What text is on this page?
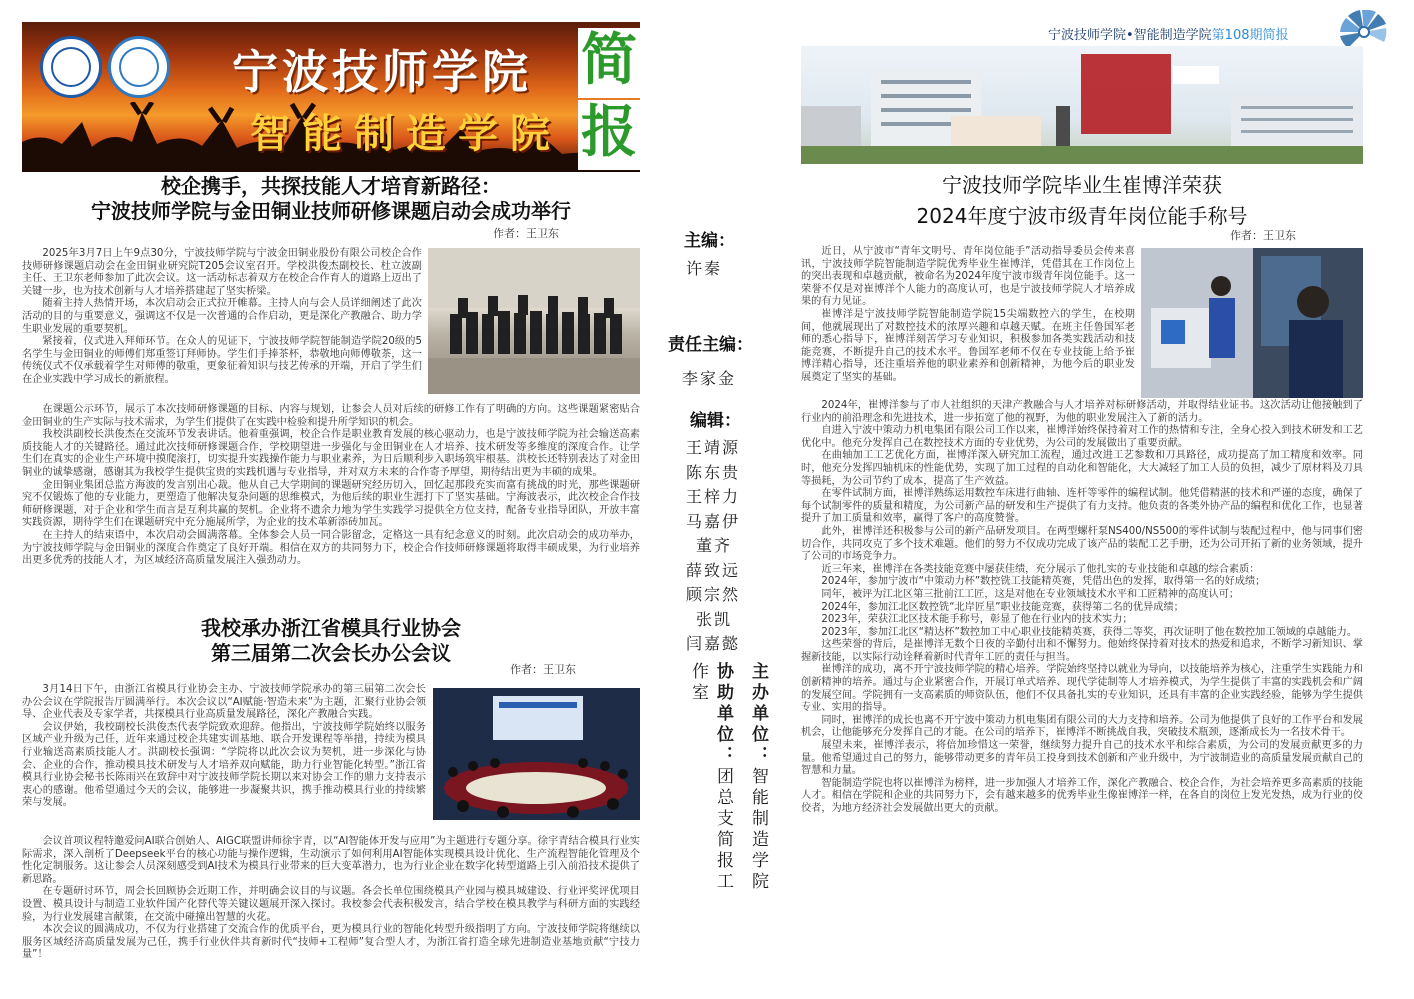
宁波技师学院
智能制造学院
简
报
校企携手，共探技能人才培育新路径：
宁波技师学院与金田铜业技师研修课题启动会成功举行
作者：王卫东

2025年3月7日上午9点30分，宁波技师学院与宁波金田铜业股份有限公司校企合作技师研修课题启动会在金田铜业研究院T205会议室召开。学校洪俊杰副校长、杜立波副主任、王卫东老师参加了此次会议。这一活动标志着双方在校企合作育人的道路上迈出了关键一步，也为技术创新与人才培养搭建起了坚实桥梁。

随着主持人热情开场，本次启动会正式拉开帷幕。主持人向与会人员详细阐述了此次活动的目的与重要意义，强调这不仅是一次普通的合作启动，更是深化产教融合、助力学生职业发展的重要契机。

紧接着，仪式进入拜师环节。在众人的见证下，宁波技师学院智能制造学院20级的5名学生与金田铜业的师傅们郑重签订拜师协。学生们手捧茶杯，恭敬地向师傅敬茶，这一传统仪式不仅承载着学生对师傅的敬重，更象征着知识与技艺传承的开端，开启了学生们在企业实践中学习成长的新旅程。

在课题公示环节，展示了本次技师研修课题的目标、内容与规划，让参会人员对后续的研修工作有了明确的方向。这些课题紧密贴合金田铜业的生产实际与技术需求，为学生们提供了在实践中检验和提升所学知识的机会。

我校洪副校长洪俊杰在交流环节发表讲话。他着重强调，校企合作是职业教育发展的核心驱动力，也是宁波技师学院为社会输送高素质技能人才的关键路径。通过此次技师研修课题合作，学校期望进一步强化与金田铜业在人才培养、技术研发等多维度的深度合作。让学生们在真实的企业生产环境中摸爬滚打，切实提升实践操作能力与职业素养，为日后顺利步入职场筑牢根基。洪校长还特别表达了对金田铜业的诚挚感谢，感谢其为我校学生提供宝贵的实践机遇与专业指导，并对双方未来的合作寄予厚望，期待结出更为丰硕的成果。

金田铜业集团总监方海波的发言别出心裁。他从自己大学期间的课题研究经历切入，回忆起那段充实而富有挑战的时光，那些课题研究不仅锻炼了他的专业能力，更塑造了他解决复杂问题的思维模式，为他后续的职业生涯打下了坚实基础。宁海波表示，此次校企合作技师研修课题，对于企业和学生而言是互利共赢的契机。企业将不遗余力地为学生实践学习提供全方位支持，配备专业指导团队，开放丰富实践资源，期待学生们在课题研究中充分施展所学，为企业的技术革新添砖加瓦。

在主持人的结束语中，本次启动会圆满落幕。全体参会人员一同合影留念，定格这一具有纪念意义的时刻。此次启动会的成功举办，为宁波技师学院与金田铜业的深度合作奠定了良好开端。相信在双方的共同努力下，校企合作技师研修课题将取得丰硕成果，为行业培养出更多优秀的技能人才，为区域经济高质量发展注入强劲动力。

我校承办浙江省模具行业协会
第三届第二次会长办公会议
作者：王卫东

3月14日下午，由浙江省模具行业协会主办、宁波技师学院承办的第三届第二次会长办公会议在学院报告厅圆满举行。本次会议以“AI赋能·智造未来”为主题，汇聚行业协会领导、企业代表及专家学者，共探模具行业高质量发展路径，深化产教融合实践。

会议伊始，我校副校长洪俊杰代表学院致欢迎辞。他指出，宁波技师学院始终以服务区域产业升级为己任，近年来通过校企共建实训基地、联合开发课程等举措，持续为模具行业输送高素质技能人才。洪副校长强调：“学院将以此次会议为契机，进一步深化与协会、企业的合作，推动模具技术研发与人才培养双向赋能，助力行业智能化转型。”浙江省模具行业协会秘书长陈雨兴在致辞中对宁波技师学院长期以来对协会工作的鼎力支持表示衷心的感谢。他希望通过今天的会议，能够进一步凝聚共识，携手推动模具行业的持续繁荣与发展。

会议首项议程特邀爱问AI联合创始人、AIGC联盟讲师徐宇青，以“AI智能体开发与应用”为主题进行专题分享。徐宇青结合模具行业实际需求，深入剖析了Deepseek平台的核心功能与操作逻辑，生动演示了如何利用AI智能体实现模具设计优化、生产流程智能化管理及个性化定制服务。这让参会人员深刻感受到AI技术为模具行业带来的巨大变革潜力，也为行业企业在数字化转型道路上引入前沿技术提供了新思路。

在专题研讨环节，周会长回顾协会近期工作，并明确会议目的与议题。各会长单位围绕模具产业园与模具城建设、行业评奖评优项目设置、模具设计与制造工业软件国产化替代等关键议题展开深入探讨。我校参会代表积极发言，结合学校在模具教学与科研方面的实践经验，为行业发展建言献策，在交流中碰撞出智慧的火花。

本次会议的圆满成功，不仅为行业搭建了交流合作的优质平台，更为模具行业的智能化转型升级指明了方向。宁波技师学院将继续以服务区域经济高质量发展为己任，携手行业伙伴共育新时代“技师+工程师”复合型人才，为浙江省打造全球先进制造业基地贡献“宁技力量”！

主编：
许秦
责任主编：
李家金
编辑：
王靖源
陈东贵
王梓力
马嘉伊
董齐
薛致远
顾宗然
张凯
闫嘉懿
主办单位：智能制造学院
协助单位：团总支简报工作室
宁波技师学院•智能制造学院第108期简报
宁波技师学院毕业生崔博洋荣获
2024年度宁波市级青年岗位能手称号
作者：王卫东

近日，从宁波市“青年文明号、青年岗位能手”活动指导委员会传来喜讯，宁波技师学院智能制造学院优秀毕业生崔博洋，凭借其在工作岗位上的突出表现和卓越贡献，被命名为2024年度宁波市级青年岗位能手。这一荣誉不仅是对崔博洋个人能力的高度认可，也是宁波技师学院人才培养成果的有力见证。

崔博洋是宁波技师学院智能制造学院15尖端数控六的学生，在校期间，他就展现出了对数控技术的浓厚兴趣和卓越天赋。在班主任鲁国军老师的悉心指导下，崔博洋刻苦学习专业知识，积极参加各类实践活动和技能竞赛，不断提升自己的技术水平。鲁国军老师不仅在专业技能上给予崔博洋精心指导，还注重培养他的职业素养和创新精神，为他今后的职业发展奠定了坚实的基础。

2024年，崔博洋参与了市人社组织的天津产教融合与人才培养对标研修活动，并取得结业证书。这次活动让他接触到了行业内的前沿理念和先进技术，进一步拓宽了他的视野，为他的职业发展注入了新的活力。

自进入宁波中策动力机电集团有限公司工作以来，崔博洋始终保持着对工作的热情和专注，全身心投入到技术研发和工艺优化中。他充分发挥自己在数控技术方面的专业优势，为公司的发展做出了重要贡献。

在曲轴加工工艺优化方面，崔博洋深入研究加工流程，通过改进工艺参数和刀具路径，成功提高了加工精度和效率。同时，他充分发挥四轴机床的性能优势，实现了加工过程的自动化和智能化，大大减轻了加工人员的负担，减少了原材料及刀具等损耗，为公司节约了成本，提高了生产效益。

在零件试制方面，崔博洋熟练运用数控车床进行曲轴、连杆等零件的编程试制。他凭借精湛的技术和严谨的态度，确保了每个试制零件的质量和精度，为公司新产品的研发和生产提供了有力支持。他负责的各类外协产品的编程和优化工作，也显著提升了加工质量和效率，赢得了客户的高度赞誉。

此外，崔博洋还积极参与公司的新产品研发项目。在两型螺杆泵NS400/NS500的零件试制与装配过程中，他与同事们密切合作，共同攻克了多个技术难题。他们的努力不仅成功完成了该产品的装配工艺手册，还为公司开拓了新的业务领域，提升了公司的市场竞争力。

近三年来，崔博洋在各类技能竞赛中屡获佳绩，充分展示了他扎实的专业技能和卓越的综合素质：

2024年，参加宁波市“中策动力杯”数控铣工技能精英赛，凭借出色的发挥，取得第一名的好成绩；

同年，被评为江北区第三批前江工匠，这是对他在专业领域技术水平和工匠精神的高度认可；

2024年，参加江北区数控铣“北岸匠星”职业技能竞赛，获得第二名的优异成绩；

2023年，荣获江北区技术能手称号，彰显了他在行业内的技术实力；

2023年，参加江北区“精达杯”数控加工中心职业技能精英赛，获得二等奖，再次证明了他在数控加工领域的卓越能力。

这些荣誉的背后，是崔博洋无数个日夜的辛勤付出和不懈努力。他始终保持着对技术的热爱和追求，不断学习新知识、掌握新技能，以实际行动诠释着新时代青年工匠的责任与担当。

崔博洋的成功，离不开宁波技师学院的精心培养。学院始终坚持以就业为导向，以技能培养为核心，注重学生实践能力和创新精神的培养。通过与企业紧密合作，开展订单式培养、现代学徒制等人才培养模式，为学生提供了丰富的实践机会和广阔的发展空间。学院拥有一支高素质的师资队伍，他们不仅具备扎实的专业知识，还具有丰富的企业实践经验，能够为学生提供专业、实用的指导。

同时，崔博洋的成长也离不开宁波中策动力机电集团有限公司的大力支持和培养。公司为他提供了良好的工作平台和发展机会，让他能够充分发挥自己的才能。在公司的培养下，崔博洋不断挑战自我，突破技术瓶颈，逐渐成长为一名技术骨干。

展望未来，崔博洋表示，将倍加珍惜这一荣誉，继续努力提升自己的技术水平和综合素质，为公司的发展贡献更多的力量。他希望通过自己的努力，能够带动更多的青年员工投身到技术创新和产业升级中，为宁波制造业的高质量发展贡献自己的智慧和力量。

智能制造学院也将以崔博洋为榜样，进一步加强人才培养工作，深化产教融合、校企合作，为社会培养更多高素质的技能人才。相信在学院和企业的共同努力下，会有越来越多的优秀毕业生像崔博洋一样，在各自的岗位上发光发热，成为行业的佼佼者，为地方经济社会发展做出更大的贡献。
